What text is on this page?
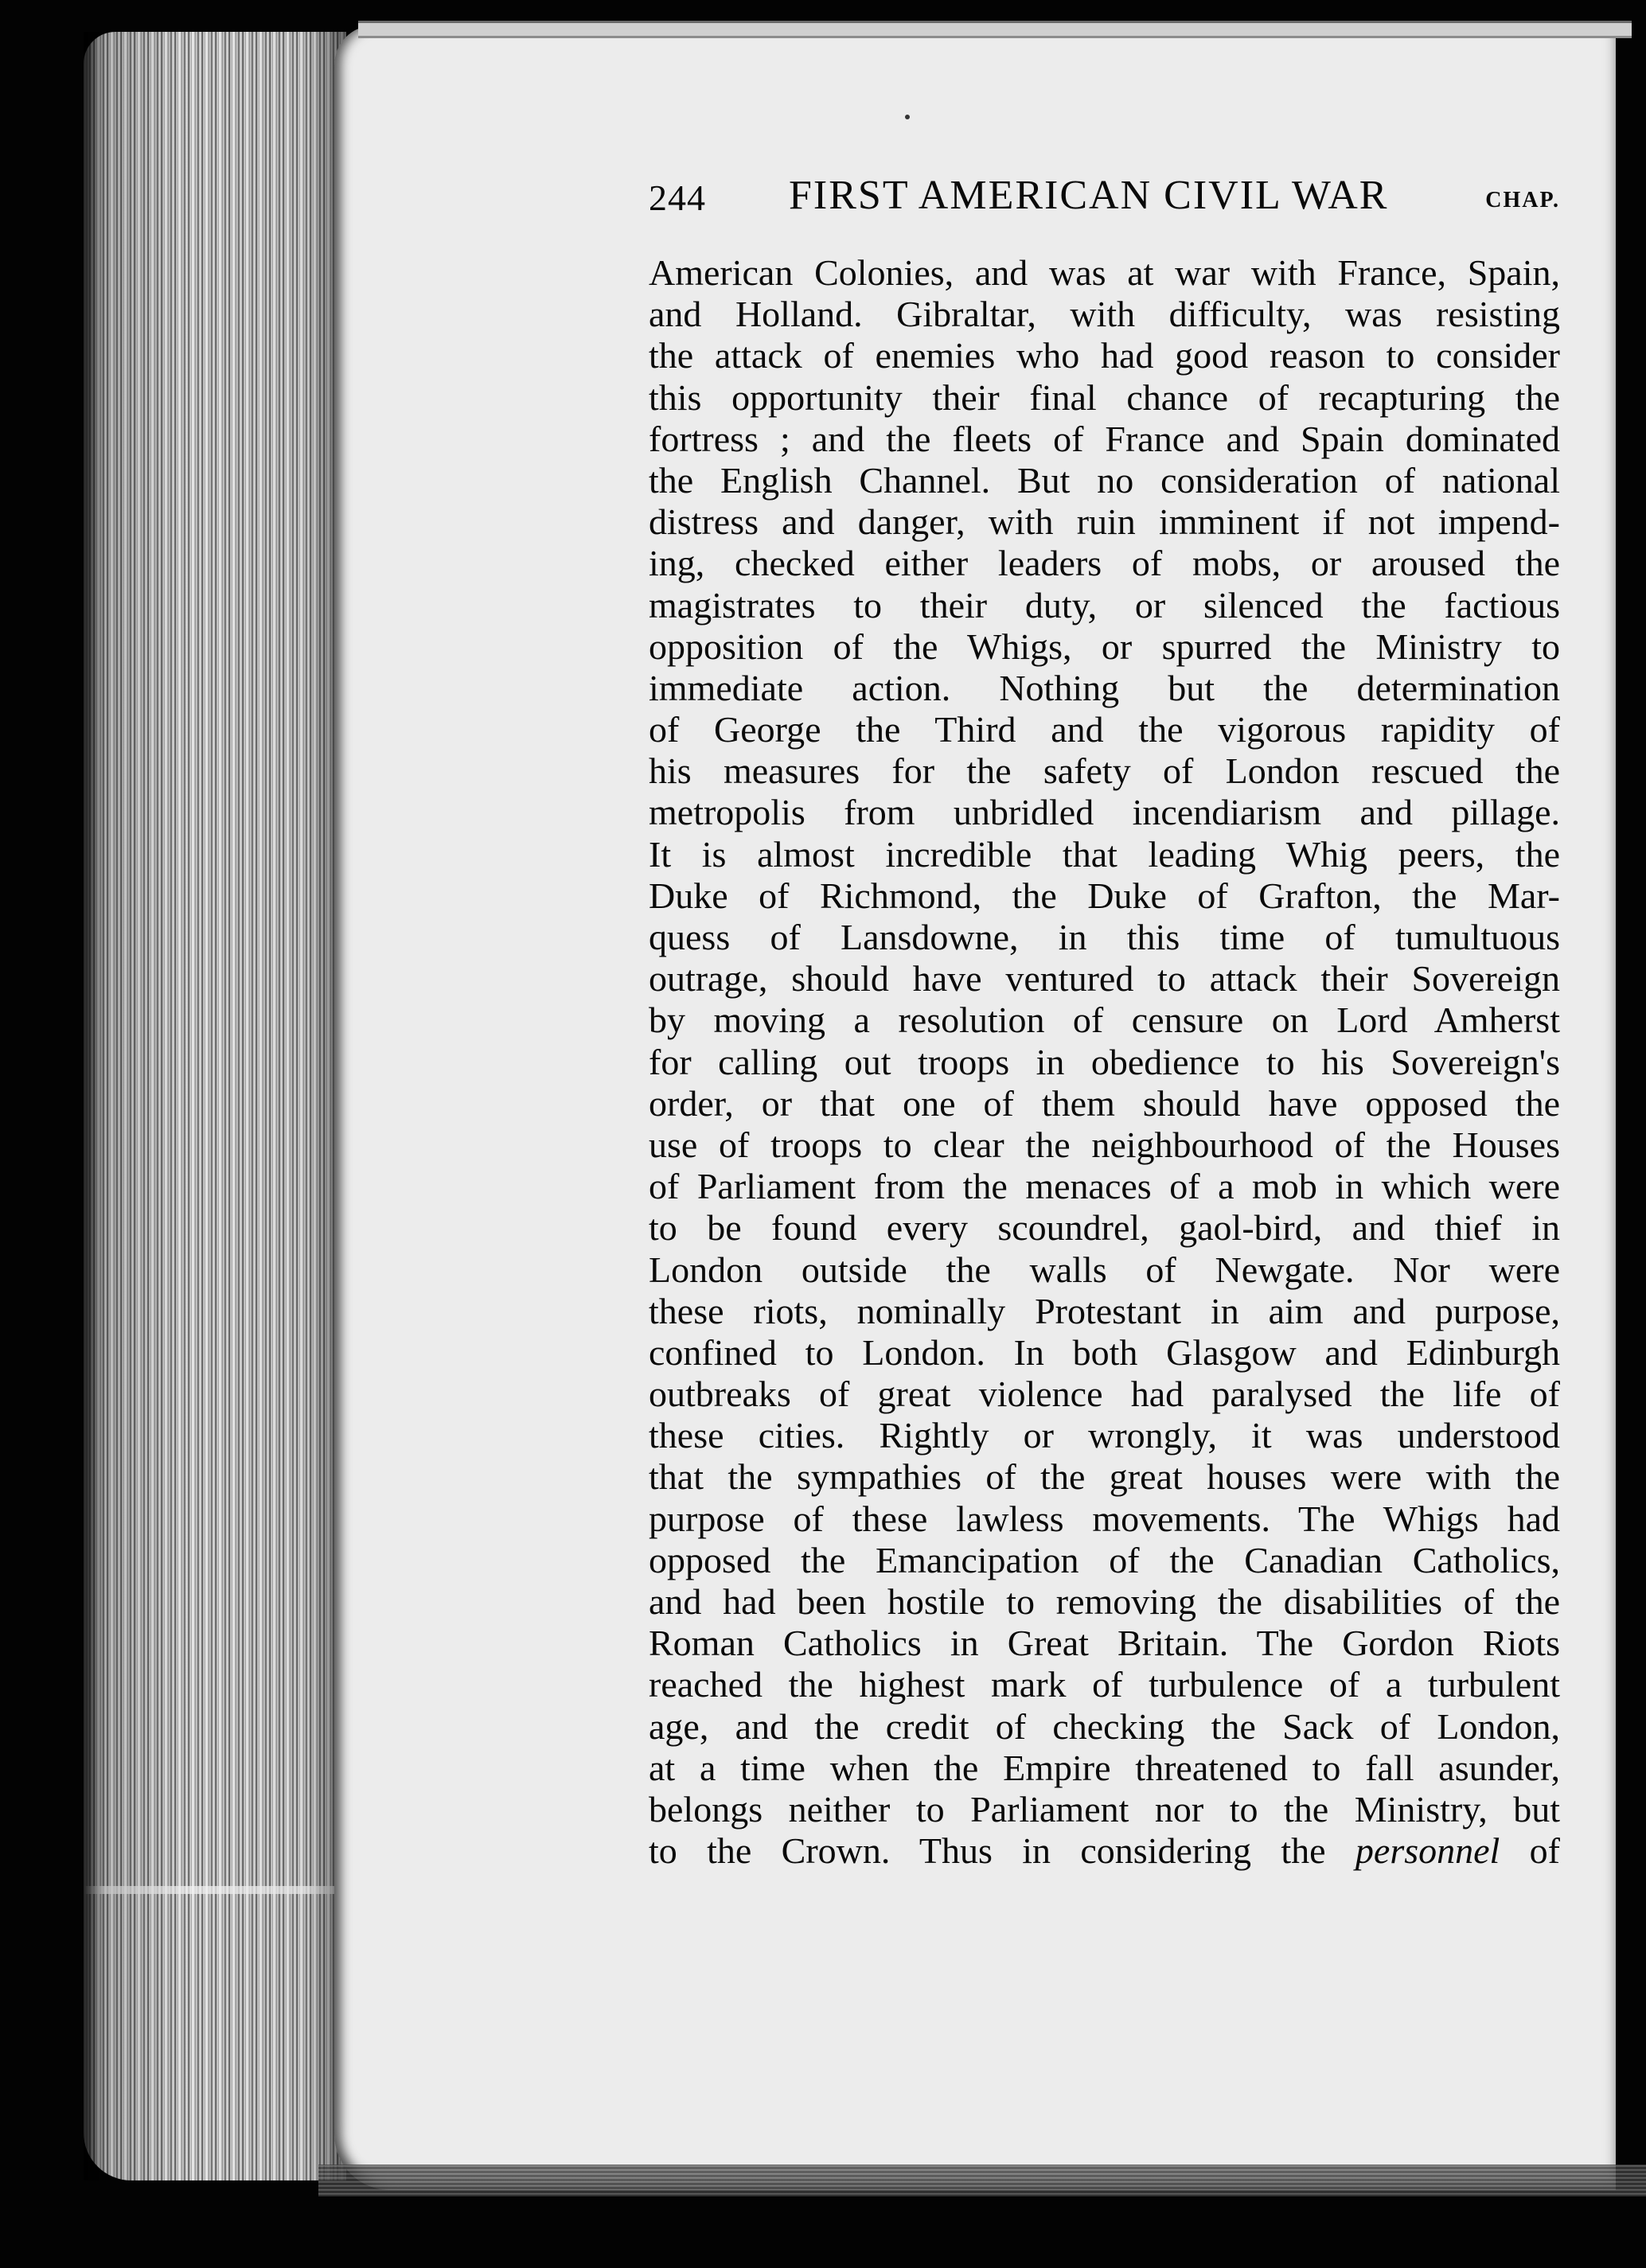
244 FIRST AMERICAN CIVIL WAR	CHAP.
American Colonies, and was at war with France, Spain,
and Holland. Gibraltar, with difficulty, was resisting
the attack of enemies who had good reason to consider
this opportunity their final chance of recapturing the
fortress ; and the fleets of France and Spain dominated
the English Channel. But no consideration of national
distress and danger, with ruin imminent if not impend-
ing, checked either leaders of mobs, or aroused the
magistrates to their duty, or silenced the factious
opposition of the Whigs, or spurred the Ministry to
immediate action. Nothing but the determination
of George the Third and the vigorous rapidity of
his measures for the safety of London rescued the
metropolis from unbridled incendiarism and pillage.
It is almost incredible that leading Whig peers, the
Duke of Richmond, the Duke of Grafton, the Mar-
quess of Lansdowne, in this time of tumultuous
outrage, should have ventured to attack their Sovereign
by moving a resolution of censure on Lord Amherst
for calling out troops in obedience to his Sovereign's
order, or that one of them should have opposed the
use of troops to clear the neighbourhood of the Houses
of Parliament from the menaces of a mob in which were
to be found every scoundrel, gaol-bird, and thief in
London outside the walls of Newgate. Nor were
these riots, nominally Protestant in aim and purpose,
confined to London. In both Glasgow and Edinburgh
outbreaks of great violence had paralysed the life of
these cities. Rightly or wrongly, it was understood
that the sympathies of the great houses were with the
purpose of these lawless movements. The Whigs had
opposed the Emancipation of the Canadian Catholics,
and had been hostile to removing the disabilities of the
Roman Catholics in Great Britain. The Gordon Riots
reached the highest mark of turbulence of a turbulent
age, and the credit of checking the Sack of London,
at a time when the Empire threatened to fall asunder,
belongs neither to Parliament nor to the Ministry, but
to the Crown. Thus in considering the personnel of
